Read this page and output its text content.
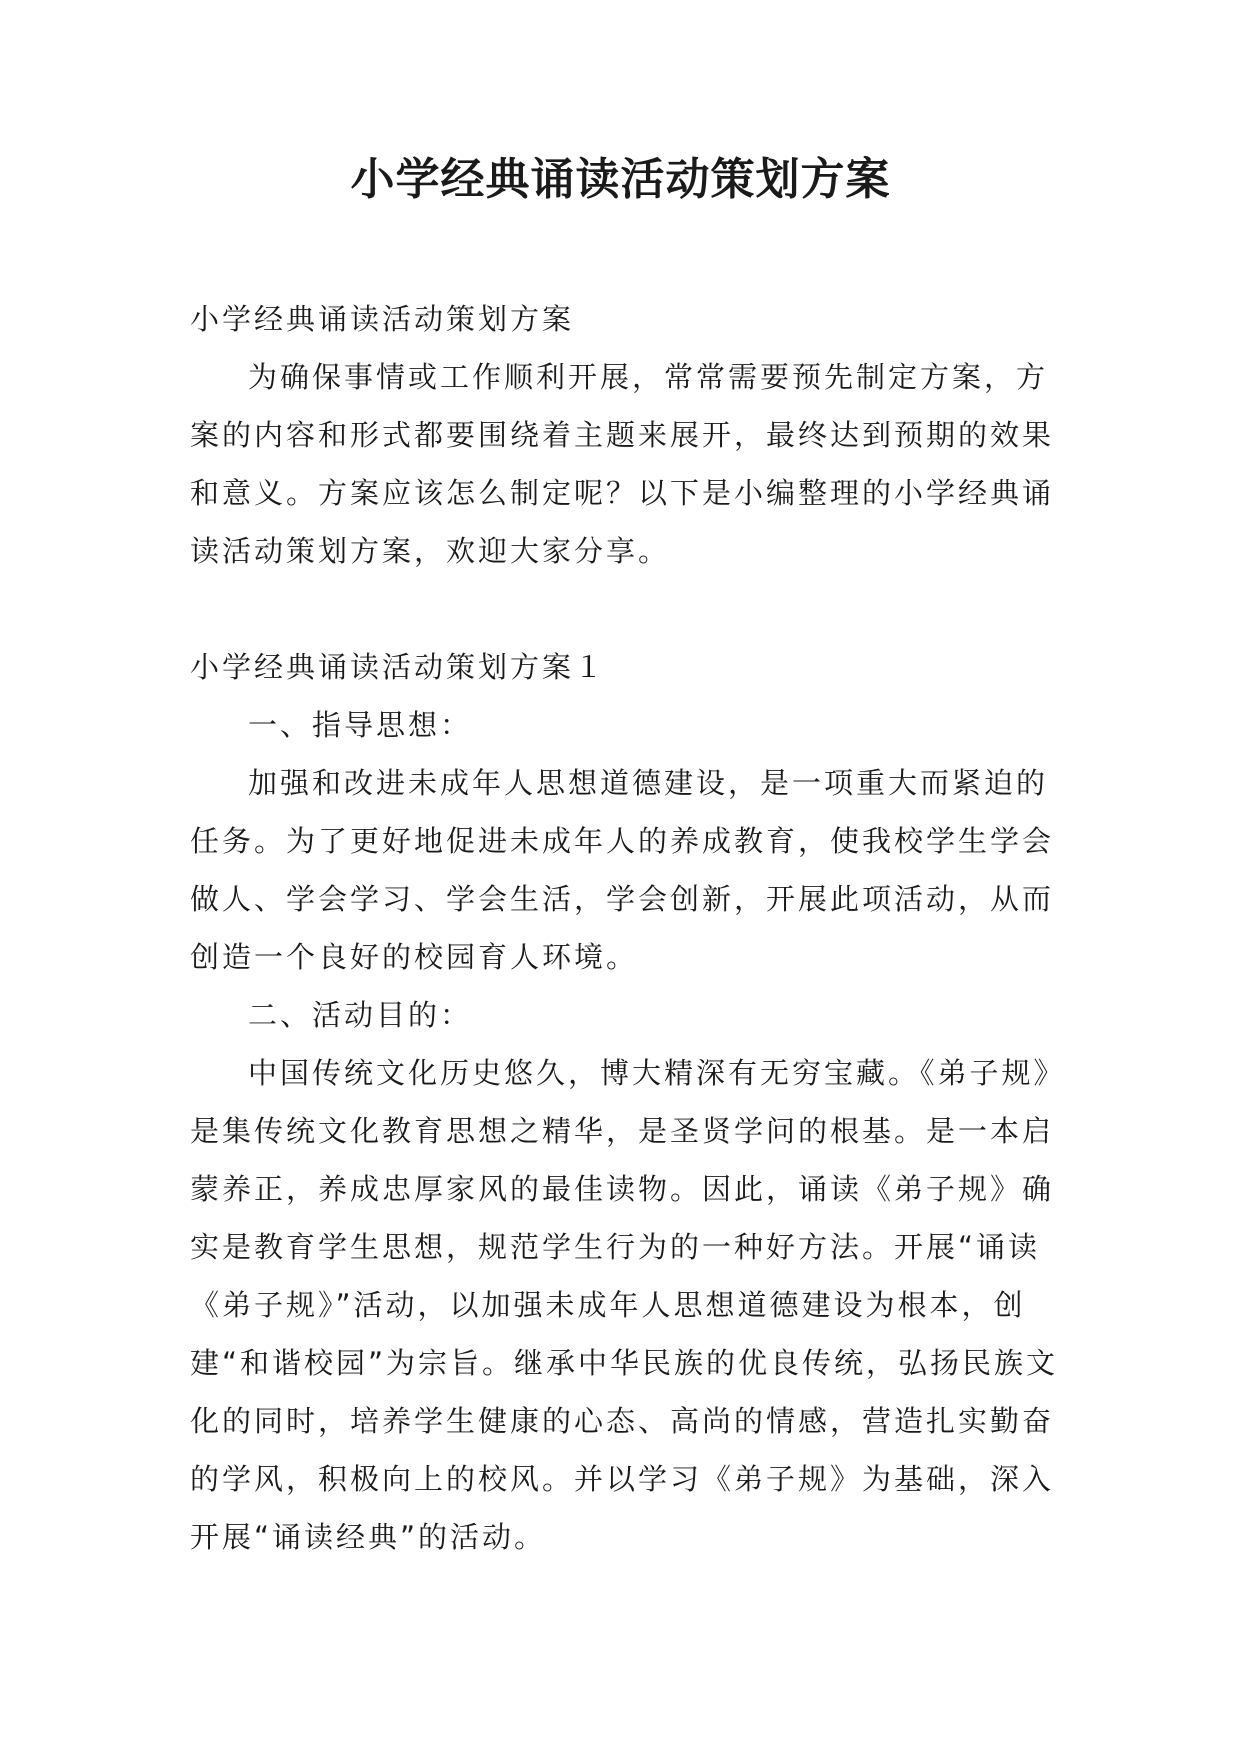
小学经典诵读活动策划方案

小学经典诵读活动策划方案

为确保事情或工作顺利开展，常常需要预先制定方案，方案的内容和形式都要围绕着主题来展开，最终达到预期的效果和意义。方案应该怎么制定呢？以下是小编整理的小学经典诵读活动策划方案，欢迎大家分享。

小学经典诵读活动策划方案１

一、指导思想：

加强和改进未成年人思想道德建设，是一项重大而紧迫的任务。为了更好地促进未成年人的养成教育，使我校学生学会做人、学会学习、学会生活，学会创新，开展此项活动，从而创造一个良好的校园育人环境。

二、活动目的：

中国传统文化历史悠久，博大精深有无穷宝藏。《弟子规》是集传统文化教育思想之精华，是圣贤学问的根基。是一本启蒙养正，养成忠厚家风的最佳读物。因此，诵读《弟子规》确实是教育学生思想，规范学生行为的一种好方法。开展“诵读《弟子规》”活动，以加强未成年人思想道德建设为根本，创建“和谐校园”为宗旨。继承中华民族的优良传统，弘扬民族文化的同时，培养学生健康的心态、高尚的情感，营造扎实勤奋的学风，积极向上的校风。并以学习《弟子规》为基础，深入开展“诵读经典”的活动。
